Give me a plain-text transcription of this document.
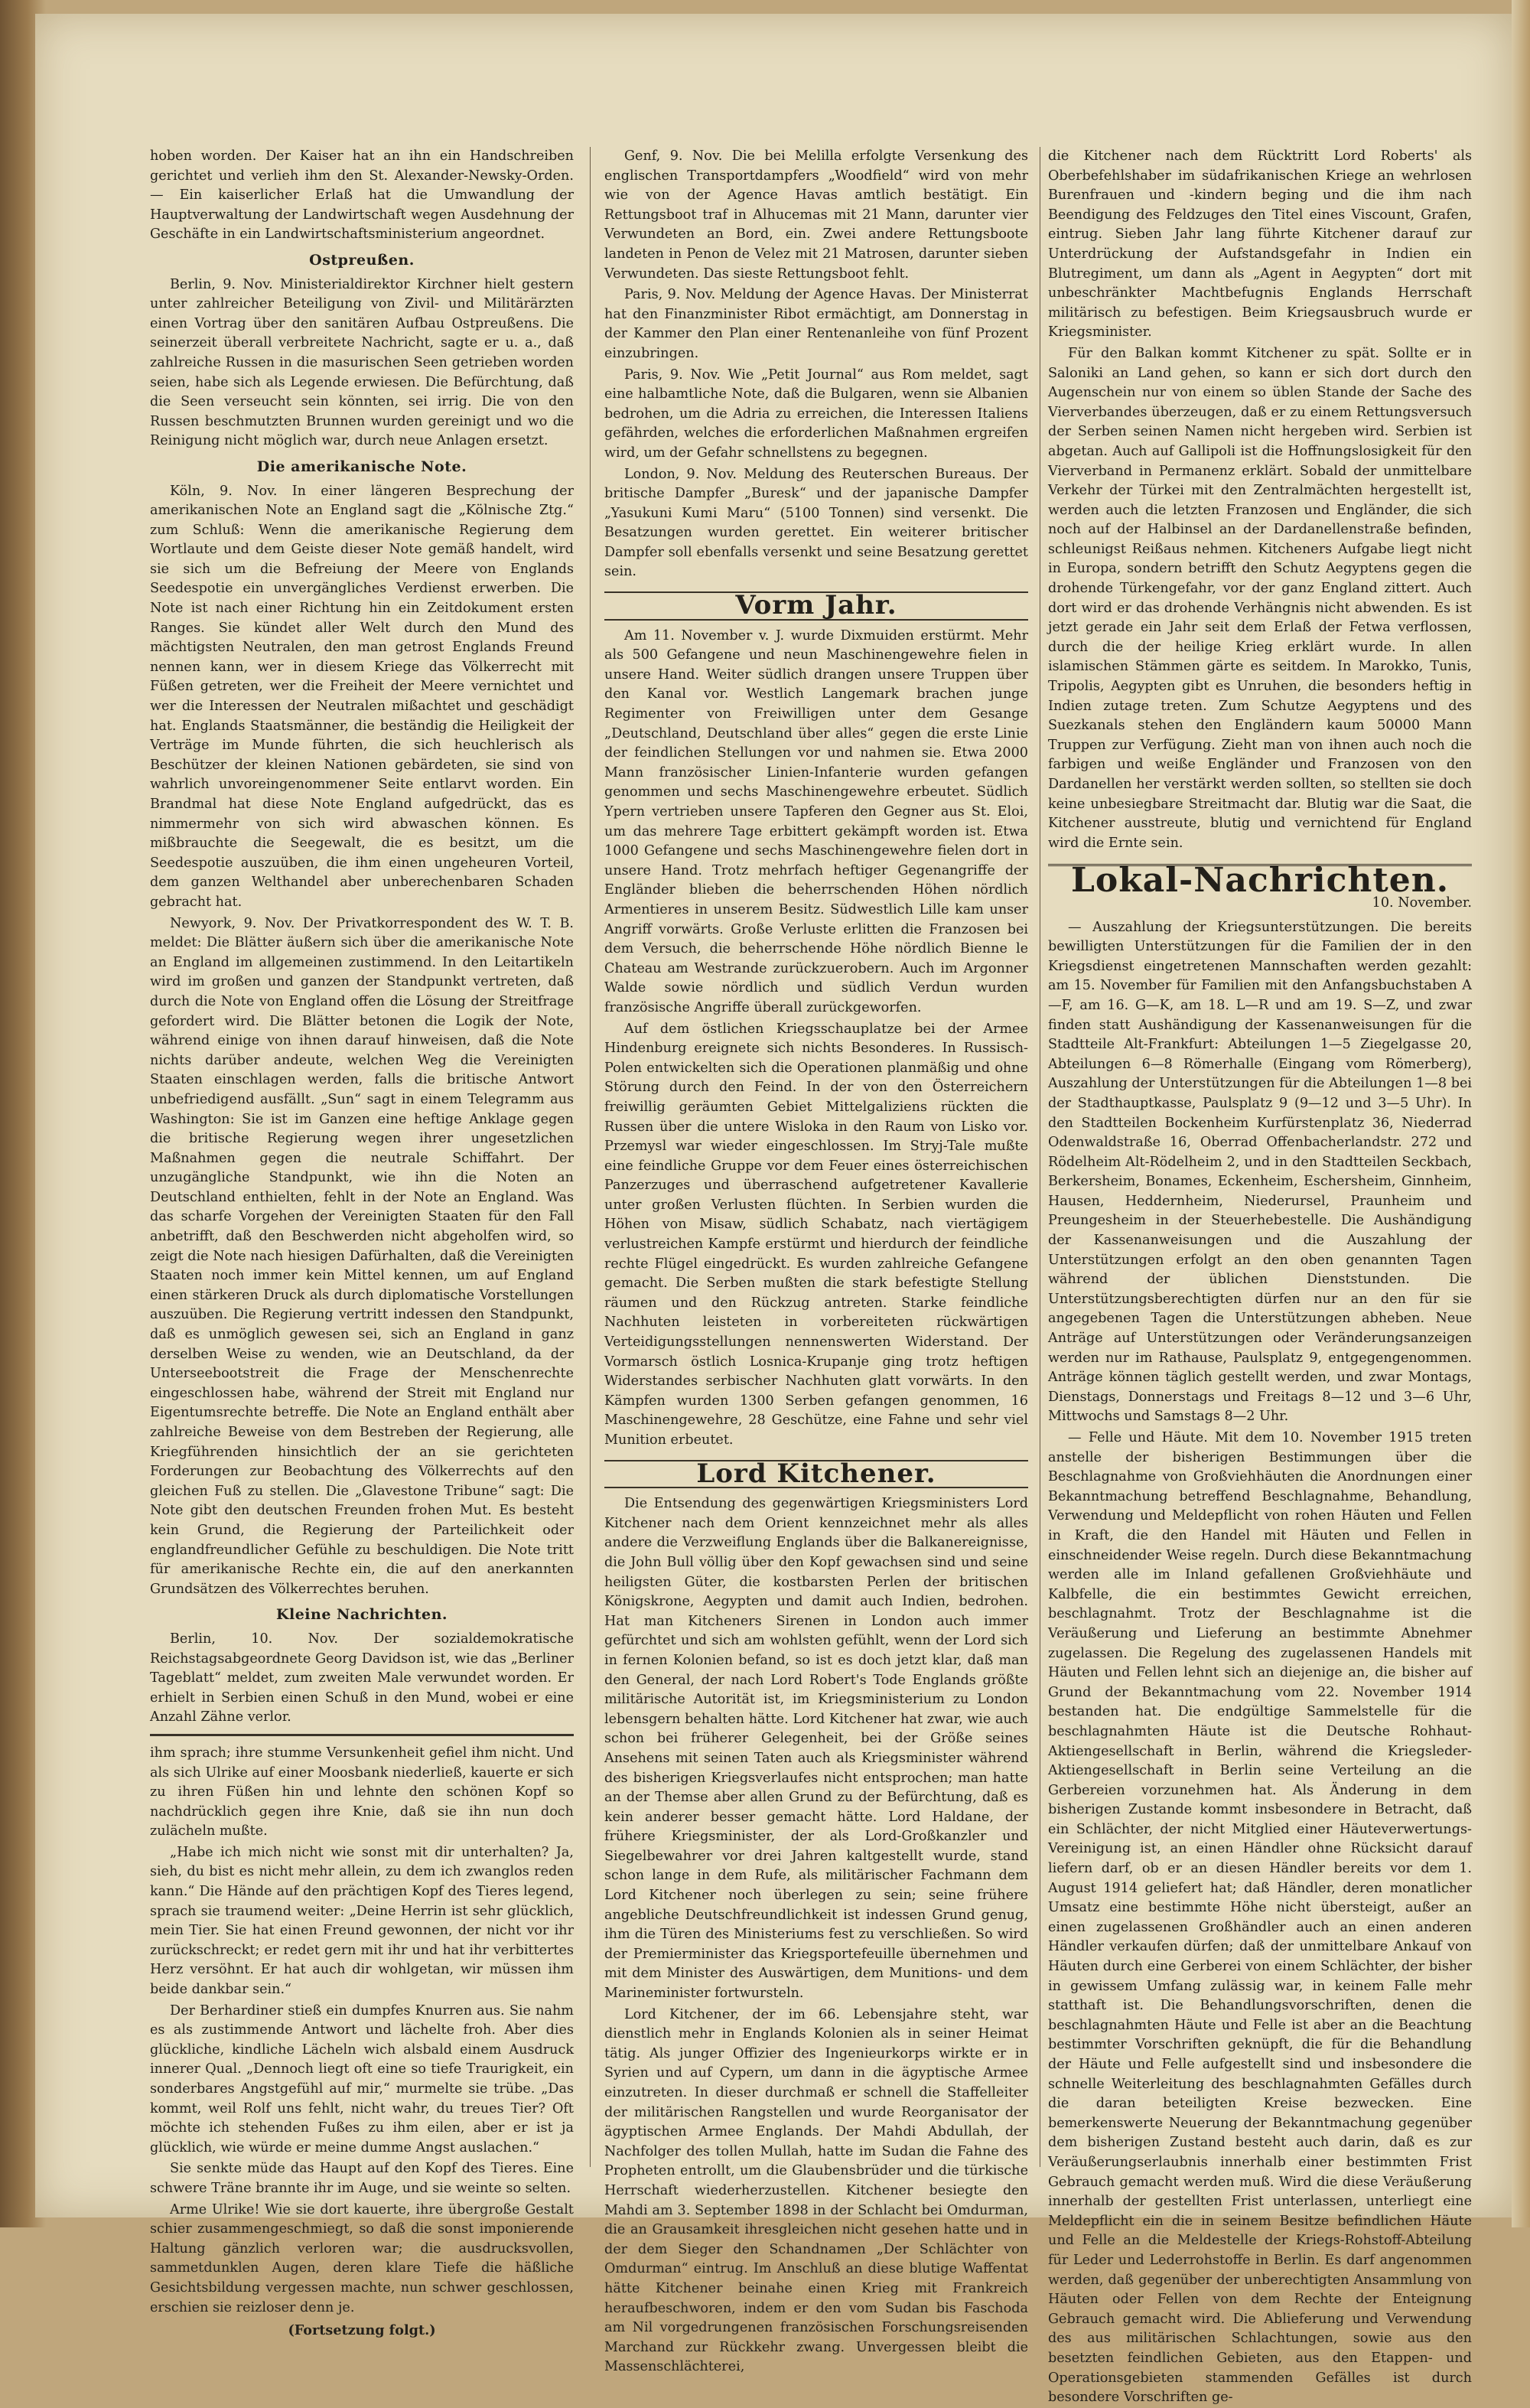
hoben worden. Der Kaiser hat an ihn ein Handschreiben gerichtet und verlieh ihm den St. Alexander-Newsky-Orden. — Ein kaiserlicher Erlaß hat die Umwandlung der Hauptverwaltung der Landwirtschaft wegen Ausdehnung der Geschäfte in ein Landwirtschaftsministerium angeordnet.

Ostpreußen.

Berlin, 9. Nov. Ministerialdirektor Kirchner hielt gestern unter zahlreicher Beteiligung von Zivil- und Militärärzten einen Vortrag über den sanitären Aufbau Ostpreußens. Die seinerzeit überall verbreitete Nachricht, sagte er u. a., daß zahlreiche Russen in die masurischen Seen getrieben worden seien, habe sich als Legende erwiesen. Die Befürchtung, daß die Seen verseucht sein könnten, sei irrig. Die von den Russen beschmutzten Brunnen wurden gereinigt und wo die Reinigung nicht möglich war, durch neue Anlagen ersetzt.

Die amerikanische Note.

Köln, 9. Nov. In einer längeren Besprechung der amerikanischen Note an England sagt die „Kölnische Ztg.“ zum Schluß: Wenn die amerikanische Regierung dem Wortlaute und dem Geiste dieser Note gemäß handelt, wird sie sich um die Befreiung der Meere von Englands Seedespotie ein unvergängliches Verdienst erwerben. Die Note ist nach einer Richtung hin ein Zeitdokument ersten Ranges. Sie kündet aller Welt durch den Mund des mächtigsten Neutralen, den man getrost Englands Freund nennen kann, wer in diesem Kriege das Völkerrecht mit Füßen getreten, wer die Freiheit der Meere vernichtet und wer die Interessen der Neutralen mißachtet und geschädigt hat. Englands Staatsmänner, die beständig die Heiligkeit der Verträge im Munde führten, die sich heuchlerisch als Beschützer der kleinen Nationen gebärdeten, sie sind von wahrlich unvoreingenommener Seite entlarvt worden. Ein Brandmal hat diese Note England aufgedrückt, das es nimmermehr von sich wird abwaschen können. Es mißbrauchte die Seegewalt, die es besitzt, um die Seedespotie auszuüben, die ihm einen ungeheuren Vorteil, dem ganzen Welthandel aber unberechenbaren Schaden gebracht hat.

Newyork, 9. Nov. Der Privatkorrespondent des W. T. B. meldet: Die Blätter äußern sich über die amerikanische Note an England im allgemeinen zustimmend. In den Leitartikeln wird im großen und ganzen der Standpunkt vertreten, daß durch die Note von England offen die Lösung der Streitfrage gefordert wird. Die Blätter betonen die Logik der Note, während einige von ihnen darauf hinweisen, daß die Note nichts darüber andeute, welchen Weg die Vereinigten Staaten einschlagen werden, falls die britische Antwort unbefriedigend ausfällt. „Sun“ sagt in einem Telegramm aus Washington: Sie ist im Ganzen eine heftige Anklage gegen die britische Regierung wegen ihrer ungesetzlichen Maßnahmen gegen die neutrale Schiffahrt. Der unzugängliche Standpunkt, wie ihn die Noten an Deutschland enthielten, fehlt in der Note an England. Was das scharfe Vorgehen der Vereinigten Staaten für den Fall anbetrifft, daß den Beschwerden nicht abgeholfen wird, so zeigt die Note nach hiesigen Dafürhalten, daß die Vereinigten Staaten noch immer kein Mittel kennen, um auf England einen stärkeren Druck als durch diplomatische Vorstellungen auszuüben. Die Regierung vertritt indessen den Standpunkt, daß es unmöglich gewesen sei, sich an England in ganz derselben Weise zu wenden, wie an Deutschland, da der Unterseebootstreit die Frage der Menschenrechte eingeschlossen habe, während der Streit mit England nur Eigentumsrechte betreffe. Die Note an England enthält aber zahlreiche Beweise von dem Bestreben der Regierung, alle Kriegführenden hinsichtlich der an sie gerichteten Forderungen zur Beobachtung des Völkerrechts auf den gleichen Fuß zu stellen. Die „Glavestone Tribune“ sagt: Die Note gibt den deutschen Freunden frohen Mut. Es besteht kein Grund, die Regierung der Parteilichkeit oder englandfreundlicher Gefühle zu beschuldigen. Die Note tritt für amerikanische Rechte ein, die auf den anerkannten Grundsätzen des Völkerrechtes beruhen.

Kleine Nachrichten.

Berlin, 10. Nov. Der sozialdemokratische Reichstagsabgeordnete Georg Davidson ist, wie das „Berliner Tageblatt“ meldet, zum zweiten Male verwundet worden. Er erhielt in Serbien einen Schuß in den Mund, wobei er eine Anzahl Zähne verlor.

ihm sprach; ihre stumme Versunkenheit gefiel ihm nicht. Und als sich Ulrike auf einer Moosbank niederließ, kauerte er sich zu ihren Füßen hin und lehnte den schönen Kopf so nachdrücklich gegen ihre Knie, daß sie ihn nun doch zulächeln mußte.

„Habe ich mich nicht wie sonst mit dir unterhalten? Ja, sieh, du bist es nicht mehr allein, zu dem ich zwanglos reden kann.“ Die Hände auf den prächtigen Kopf des Tieres legend, sprach sie traumend weiter: „Deine Herrin ist sehr glücklich, mein Tier. Sie hat einen Freund gewonnen, der nicht vor ihr zurückschreckt; er redet gern mit ihr und hat ihr verbittertes Herz versöhnt. Er hat auch dir wohlgetan, wir müssen ihm beide dankbar sein.“

Der Berhardiner stieß ein dumpfes Knurren aus. Sie nahm es als zustimmende Antwort und lächelte froh. Aber dies glückliche, kindliche Lächeln wich alsbald einem Ausdruck innerer Qual. „Dennoch liegt oft eine so tiefe Traurigkeit, ein sonderbares Angstgefühl auf mir,“ murmelte sie trübe. „Das kommt, weil Rolf uns fehlt, nicht wahr, du treues Tier? Oft möchte ich stehenden Fußes zu ihm eilen, aber er ist ja glücklich, wie würde er meine dumme Angst auslachen.“

Sie senkte müde das Haupt auf den Kopf des Tieres. Eine schwere Träne brannte ihr im Auge, und sie weinte so selten.

Arme Ulrike! Wie sie dort kauerte, ihre übergroße Gestalt schier zusammengeschmiegt, so daß die sonst imponierende Haltung gänzlich verloren war; die ausdrucksvollen, sammetdunklen Augen, deren klare Tiefe die häßliche Gesichtsbildung vergessen machte, nun schwer geschlossen, erschien sie reizloser denn je.

(Fortsetzung folgt.)

Genf, 9. Nov. Die bei Melilla erfolgte Versenkung des englischen Transportdampfers „Woodfield“ wird von mehr wie von der Agence Havas amtlich bestätigt. Ein Rettungsboot traf in Alhucemas mit 21 Mann, darunter vier Verwundeten an Bord, ein. Zwei andere Rettungsboote landeten in Penon de Velez mit 21 Matrosen, darunter sieben Verwundeten. Das sieste Rettungsboot fehlt.

Paris, 9. Nov. Meldung der Agence Havas. Der Ministerrat hat den Finanzminister Ribot ermächtigt, am Donnerstag in der Kammer den Plan einer Rentenanleihe von fünf Prozent einzubringen.

Paris, 9. Nov. Wie „Petit Journal“ aus Rom meldet, sagt eine halbamtliche Note, daß die Bulgaren, wenn sie Albanien bedrohen, um die Adria zu erreichen, die Interessen Italiens gefährden, welches die erforderlichen Maßnahmen ergreifen wird, um der Gefahr schnellstens zu begegnen.

London, 9. Nov. Meldung des Reuterschen Bureaus. Der britische Dampfer „Buresk“ und der japanische Dampfer „Yasukuni Kumi Maru“ (5100 Tonnen) sind versenkt. Die Besatzungen wurden gerettet. Ein weiterer britischer Dampfer soll ebenfalls versenkt und seine Besatzung gerettet sein.

Vorm Jahr.

Am 11. November v. J. wurde Dixmuiden erstürmt. Mehr als 500 Gefangene und neun Maschinengewehre fielen in unsere Hand. Weiter südlich drangen unsere Truppen über den Kanal vor. Westlich Langemark brachen junge Regimenter von Freiwilligen unter dem Gesange „Deutschland, Deutschland über alles“ gegen die erste Linie der feindlichen Stellungen vor und nahmen sie. Etwa 2000 Mann französischer Linien-Infanterie wurden gefangen genommen und sechs Maschinengewehre erbeutet. Südlich Ypern vertrieben unsere Tapferen den Gegner aus St. Eloi, um das mehrere Tage erbittert gekämpft worden ist. Etwa 1000 Gefangene und sechs Maschinengewehre fielen dort in unsere Hand. Trotz mehrfach heftiger Gegenangriffe der Engländer blieben die beherrschenden Höhen nördlich Armentieres in unserem Besitz. Südwestlich Lille kam unser Angriff vorwärts. Große Verluste erlitten die Franzosen bei dem Versuch, die beherrschende Höhe nördlich Bienne le Chateau am Westrande zurückzuerobern. Auch im Argonner Walde sowie nördlich und südlich Verdun wurden französische Angriffe überall zurückgeworfen.

Auf dem östlichen Kriegsschauplatze bei der Armee Hindenburg ereignete sich nichts Besonderes. In Russisch-Polen entwickelten sich die Operationen planmäßig und ohne Störung durch den Feind. In der von den Österreichern freiwillig geräumten Gebiet Mittelgaliziens rückten die Russen über die untere Wisloka in den Raum von Lisko vor. Przemysl war wieder eingeschlossen. Im Stryj-Tale mußte eine feindliche Gruppe vor dem Feuer eines österreichischen Panzerzuges und überraschend aufgetretener Kavallerie unter großen Verlusten flüchten. In Serbien wurden die Höhen von Misaw, südlich Schabatz, nach viertägigem verlustreichen Kampfe erstürmt und hierdurch der feindliche rechte Flügel eingedrückt. Es wurden zahlreiche Gefangene gemacht. Die Serben mußten die stark befestigte Stellung räumen und den Rückzug antreten. Starke feindliche Nachhuten leisteten in vorbereiteten rückwärtigen Verteidigungsstellungen nennenswerten Widerstand. Der Vormarsch östlich Losnica-Krupanje ging trotz heftigen Widerstandes serbischer Nachhuten glatt vorwärts. In den Kämpfen wurden 1300 Serben gefangen genommen, 16 Maschinengewehre, 28 Geschütze, eine Fahne und sehr viel Munition erbeutet.

Lord Kitchener.

Die Entsendung des gegenwärtigen Kriegsministers Lord Kitchener nach dem Orient kennzeichnet mehr als alles andere die Verzweiflung Englands über die Balkanereignisse, die John Bull völlig über den Kopf gewachsen sind und seine heiligsten Güter, die kostbarsten Perlen der britischen Königskrone, Aegypten und damit auch Indien, bedrohen. Hat man Kitcheners Sirenen in London auch immer gefürchtet und sich am wohlsten gefühlt, wenn der Lord sich in fernen Kolonien befand, so ist es doch jetzt klar, daß man den General, der nach Lord Robert's Tode Englands größte militärische Autorität ist, im Kriegsministerium zu London lebensgern behalten hätte. Lord Kitchener hat zwar, wie auch schon bei früherer Gelegenheit, bei der Größe seines Ansehens mit seinen Taten auch als Kriegsminister während des bisherigen Kriegsverlaufes nicht entsprochen; man hatte an der Themse aber allen Grund zu der Befürchtung, daß es kein anderer besser gemacht hätte. Lord Haldane, der frühere Kriegsminister, der als Lord-Großkanzler und Siegelbewahrer vor drei Jahren kaltgestellt wurde, stand schon lange in dem Rufe, als militärischer Fachmann dem Lord Kitchener noch überlegen zu sein; seine frühere angebliche Deutschfreundlichkeit ist indessen Grund genug, ihm die Türen des Ministeriums fest zu verschließen. So wird der Premierminister das Kriegsportefeuille übernehmen und mit dem Minister des Auswärtigen, dem Munitions- und dem Marineminister fortwursteln.

Lord Kitchener, der im 66. Lebensjahre steht, war dienstlich mehr in Englands Kolonien als in seiner Heimat tätig. Als junger Offizier des Ingenieurkorps wirkte er in Syrien und auf Cypern, um dann in die ägyptische Armee einzutreten. In dieser durchmaß er schnell die Staffelleiter der militärischen Rangstellen und wurde Reorganisator der ägyptischen Armee Englands. Der Mahdi Abdullah, der Nachfolger des tollen Mullah, hatte im Sudan die Fahne des Propheten entrollt, um die Glaubensbrüder und die türkische Herrschaft wiederherzustellen. Kitchener besiegte den Mahdi am 3. September 1898 in der Schlacht bei Omdurman, die an Grausamkeit ihresgleichen nicht gesehen hatte und in der dem Sieger den Schandnamen „Der Schlächter von Omdurman“ eintrug. Im Anschluß an diese blutige Waffentat hätte Kitchener beinahe einen Krieg mit Frankreich heraufbeschworen, indem er den vom Sudan bis Faschoda am Nil vorgedrungenen französischen Forschungsreisenden Marchand zur Rückkehr zwang. Unvergessen bleibt die Massenschlächterei,

die Kitchener nach dem Rücktritt Lord Roberts' als Oberbefehlshaber im südafrikanischen Kriege an wehrlosen Burenfrauen und -kindern beging und die ihm nach Beendigung des Feldzuges den Titel eines Viscount, Grafen, eintrug. Sieben Jahr lang führte Kitchener darauf zur Unterdrückung der Aufstandsgefahr in Indien ein Blutregiment, um dann als „Agent in Aegypten“ dort mit unbeschränkter Machtbefugnis Englands Herrschaft militärisch zu befestigen. Beim Kriegsausbruch wurde er Kriegsminister.

Für den Balkan kommt Kitchener zu spät. Sollte er in Saloniki an Land gehen, so kann er sich dort durch den Augenschein nur von einem so üblen Stande der Sache des Vierverbandes überzeugen, daß er zu einem Rettungsversuch der Serben seinen Namen nicht hergeben wird. Serbien ist abgetan. Auch auf Gallipoli ist die Hoffnungslosigkeit für den Vierverband in Permanenz erklärt. Sobald der unmittelbare Verkehr der Türkei mit den Zentralmächten hergestellt ist, werden auch die letzten Franzosen und Engländer, die sich noch auf der Halbinsel an der Dardanellenstraße befinden, schleunigst Reißaus nehmen. Kitcheners Aufgabe liegt nicht in Europa, sondern betrifft den Schutz Aegyptens gegen die drohende Türkengefahr, vor der ganz England zittert. Auch dort wird er das drohende Verhängnis nicht abwenden. Es ist jetzt gerade ein Jahr seit dem Erlaß der Fetwa verflossen, durch die der heilige Krieg erklärt wurde. In allen islamischen Stämmen gärte es seitdem. In Marokko, Tunis, Tripolis, Aegypten gibt es Unruhen, die besonders heftig in Indien zutage treten. Zum Schutze Aegyptens und des Suezkanals stehen den Engländern kaum 50000 Mann Truppen zur Verfügung. Zieht man von ihnen auch noch die farbigen und weiße Engländer und Franzosen von den Dardanellen her verstärkt werden sollten, so stellten sie doch keine unbesiegbare Streitmacht dar. Blutig war die Saat, die Kitchener ausstreute, blutig und vernichtend für England wird die Ernte sein.

Lokal-Nachrichten.
10. November.

— Auszahlung der Kriegsunterstützungen. Die bereits bewilligten Unterstützungen für die Familien der in den Kriegsdienst eingetretenen Mannschaften werden gezahlt: am 15. November für Familien mit den Anfangsbuchstaben A—F, am 16. G—K, am 18. L—R und am 19. S—Z, und zwar finden statt Aushändigung der Kassenanweisungen für die Stadtteile Alt-Frankfurt: Abteilungen 1—5 Ziegelgasse 20, Abteilungen 6—8 Römerhalle (Eingang vom Römerberg), Auszahlung der Unterstützungen für die Abteilungen 1—8 bei der Stadthauptkasse, Paulsplatz 9 (9—12 und 3—5 Uhr). In den Stadtteilen Bockenheim Kurfürstenplatz 36, Niederrad Odenwaldstraße 16, Oberrad Offenbacherlandstr. 272 und Rödelheim Alt-Rödelheim 2, und in den Stadtteilen Seckbach, Berkersheim, Bonames, Eckenheim, Eschersheim, Ginnheim, Hausen, Heddernheim, Niederursel, Praunheim und Preungesheim in der Steuerhebestelle. Die Aushändigung der Kassenanweisungen und die Auszahlung der Unterstützungen erfolgt an den oben genannten Tagen während der üblichen Dienststunden. Die Unterstützungsberechtigten dürfen nur an den für sie angegebenen Tagen die Unterstützungen abheben. Neue Anträge auf Unterstützungen oder Veränderungsanzeigen werden nur im Rathause, Paulsplatz 9, entgegengenommen. Anträge können täglich gestellt werden, und zwar Montags, Dienstags, Donnerstags und Freitags 8—12 und 3—6 Uhr, Mittwochs und Samstags 8—2 Uhr.

— Felle und Häute. Mit dem 10. November 1915 treten anstelle der bisherigen Bestimmungen über die Beschlagnahme von Großviehhäuten die Anordnungen einer Bekanntmachung betreffend Beschlagnahme, Behandlung, Verwendung und Meldepflicht von rohen Häuten und Fellen in Kraft, die den Handel mit Häuten und Fellen in einschneidender Weise regeln. Durch diese Bekanntmachung werden alle im Inland gefallenen Großviehhäute und Kalbfelle, die ein bestimmtes Gewicht erreichen, beschlagnahmt. Trotz der Beschlagnahme ist die Veräußerung und Lieferung an bestimmte Abnehmer zugelassen. Die Regelung des zugelassenen Handels mit Häuten und Fellen lehnt sich an diejenige an, die bisher auf Grund der Bekanntmachung vom 22. November 1914 bestanden hat. Die endgültige Sammelstelle für die beschlagnahmten Häute ist die Deutsche Rohhaut-Aktiengesellschaft in Berlin, während die Kriegsleder-Aktiengesellschaft in Berlin seine Verteilung an die Gerbereien vorzunehmen hat. Als Änderung in dem bisherigen Zustande kommt insbesondere in Betracht, daß ein Schlächter, der nicht Mitglied einer Häuteverwertungs-Vereinigung ist, an einen Händler ohne Rücksicht darauf liefern darf, ob er an diesen Händler bereits vor dem 1. August 1914 geliefert hat; daß Händler, deren monatlicher Umsatz eine bestimmte Höhe nicht übersteigt, außer an einen zugelassenen Großhändler auch an einen anderen Händler verkaufen dürfen; daß der unmittelbare Ankauf von Häuten durch eine Gerberei von einem Schlächter, der bisher in gewissem Umfang zulässig war, in keinem Falle mehr statthaft ist. Die Behandlungsvorschriften, denen die beschlagnahmten Häute und Felle ist aber an die Beachtung bestimmter Vorschriften geknüpft, die für die Behandlung der Häute und Felle aufgestellt sind und insbesondere die schnelle Weiterleitung des beschlagnahmten Gefälles durch die daran beteiligten Kreise bezwecken. Eine bemerkenswerte Neuerung der Bekanntmachung gegenüber dem bisherigen Zustand besteht auch darin, daß es zur Veräußerungserlaubnis innerhalb einer bestimmten Frist Gebrauch gemacht werden muß. Wird die diese Veräußerung innerhalb der gestellten Frist unterlassen, unterliegt eine Meldepflicht ein die in seinem Besitze befindlichen Häute und Felle an die Meldestelle der Kriegs-Rohstoff-Abteilung für Leder und Lederrohstoffe in Berlin. Es darf angenommen werden, daß gegenüber der unberechtigten Ansammlung von Häuten oder Fellen von dem Rechte der Enteignung Gebrauch gemacht wird. Die Ablieferung und Verwendung des aus militärischen Schlachtungen, sowie aus den besetzten feindlichen Gebieten, aus den Etappen- und Operationsgebieten stammenden Gefälles ist durch besondere Vorschriften ge-
